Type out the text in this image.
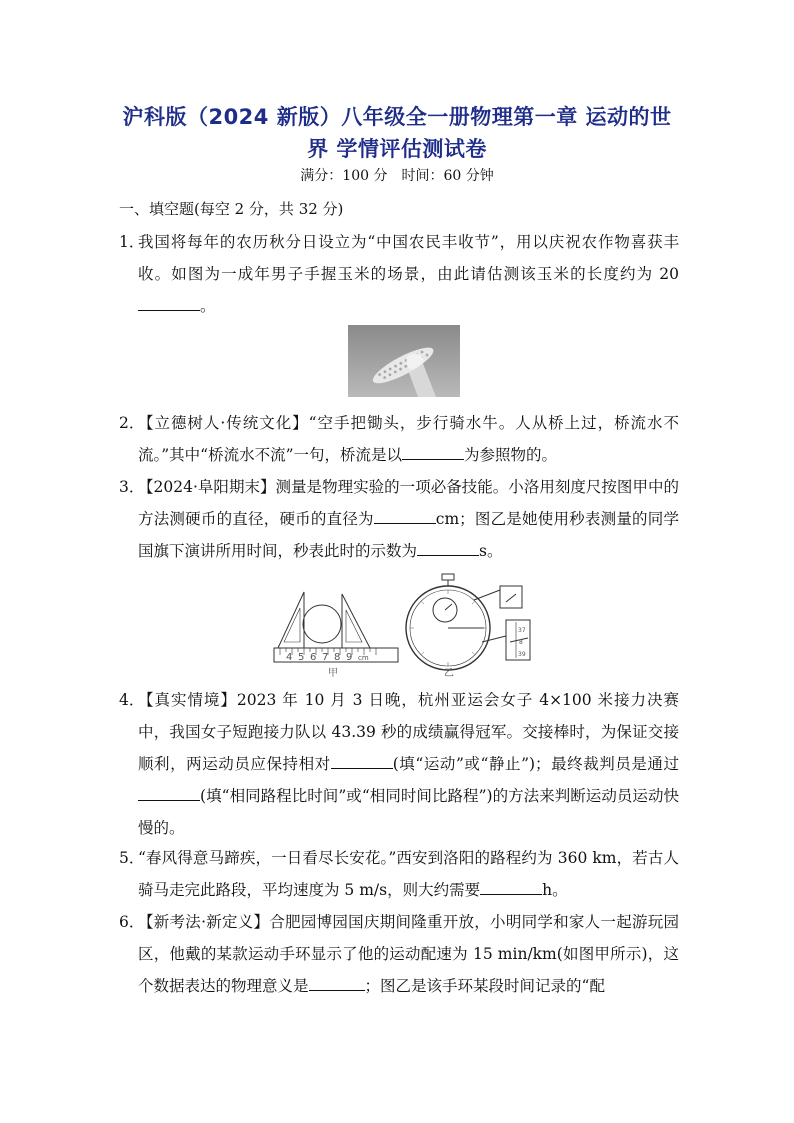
沪科版（2024 新版）八年级全一册物理第一章 运动的世
界 学情评估测试卷
满分：100 分　时间：60 分钟
一、填空题(每空 2 分，共 32 分)
1．
我国将每年的农历秋分日设立为“中国农民丰收节”，用以庆祝农作物喜获丰收。如图为一成年男子手握玉米的场景，由此请估测该玉米的长度约为 20。
2．
【立德树人·传统文化】“空手把锄头，步行骑水牛。人从桥上过，桥流水不流。”其中“桥流水不流”一句，桥流是以	为参照物的。
3．
【2024·阜阳期末】测量是物理实验的一项必备技能。小洛用刻度尺按图甲中的方法测硬币的直径，硬币的直径为	cm；图乙是她使用秒表测量的同学国旗下演讲所用时间，秒表此时的示数为	s。
4 5 6 7 8 9 cm
甲
37
8
39
乙
4．
【真实情境】2023 年 10 月 3 日晚，杭州亚运会女子 4×100 米接力决赛中，我国女子短跑接力队以 43.39 秒的成绩赢得冠军。交接棒时，为保证交接顺利，两运动员应保持相对	(填“运动”或“静止”)；最终裁判员是通过(填“相同路程比时间”或“相同时间比路程”)的方法来判断运动员运动快慢的。
5．
“春风得意马蹄疾，一日看尽长安花。”西安到洛阳的路程约为 360 km，若古人骑马走完此路段，平均速度为 5 m/s，则大约需要	h。
6．
【新考法·新定义】合肥园博园国庆期间隆重开放，小明同学和家人一起游玩园区，他戴的某款运动手环显示了他的运动配速为 15 min/km(如图甲所示)，这个数据表达的物理意义是	；图乙是该手环某段时间记录的“配
